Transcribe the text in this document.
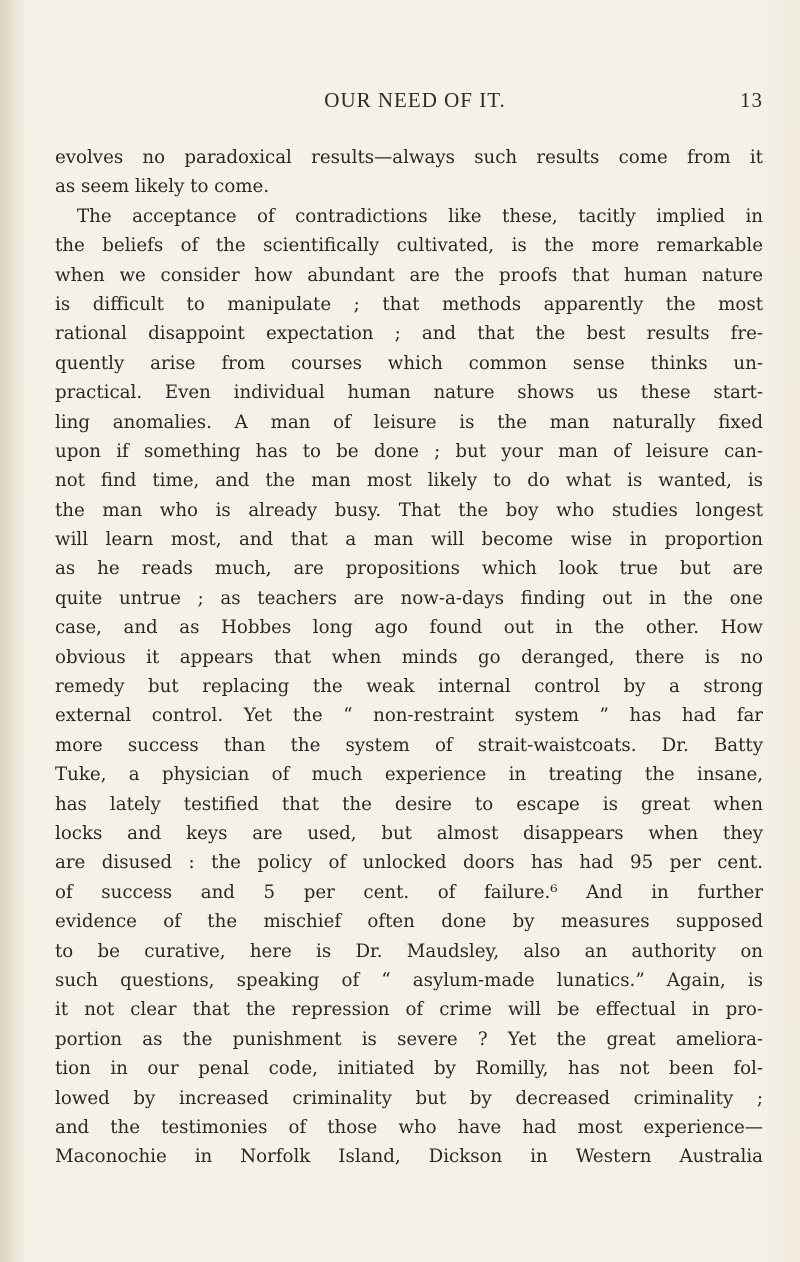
OUR NEED OF IT.	13
evolves no paradoxical results—always such results come from it
as seem likely to come.
The acceptance of contradictions like these, tacitly implied in
the beliefs of the scientifically cultivated, is the more remarkable
when we consider how abundant are the proofs that human nature
is difficult to manipulate ; that methods apparently the most
rational disappoint expectation ; and that the best results fre-
quently arise from courses which common sense thinks un-
practical. Even individual human nature shows us these start-
ling anomalies. A man of leisure is the man naturally fixed
upon if something has to be done ; but your man of leisure can-
not find time, and the man most likely to do what is wanted, is
the man who is already busy. That the boy who studies longest
will learn most, and that a man will become wise in proportion
as he reads much, are propositions which look true but are
quite untrue ; as teachers are now-a-days finding out in the one
case, and as Hobbes long ago found out in the other. How
obvious it appears that when minds go deranged, there is no
remedy but replacing the weak internal control by a strong
external control. Yet the “ non-restraint system ” has had far
more success than the system of strait-waistcoats. Dr. Batty
Tuke, a physician of much experience in treating the insane,
has lately testified that the desire to escape is great when
locks and keys are used, but almost disappears when they
are disused : the policy of unlocked doors has had 95 per cent.
of success and 5 per cent. of failure.⁶ And in further
evidence of the mischief often done by measures supposed
to be curative, here is Dr. Maudsley, also an authority on
such questions, speaking of “ asylum-made lunatics.” Again, is
it not clear that the repression of crime will be effectual in pro-
portion as the punishment is severe ? Yet the great ameliora-
tion in our penal code, initiated by Romilly, has not been fol-
lowed by increased criminality but by decreased criminality ;
and the testimonies of those who have had most experience—
Maconochie in Norfolk Island, Dickson in Western Australia
